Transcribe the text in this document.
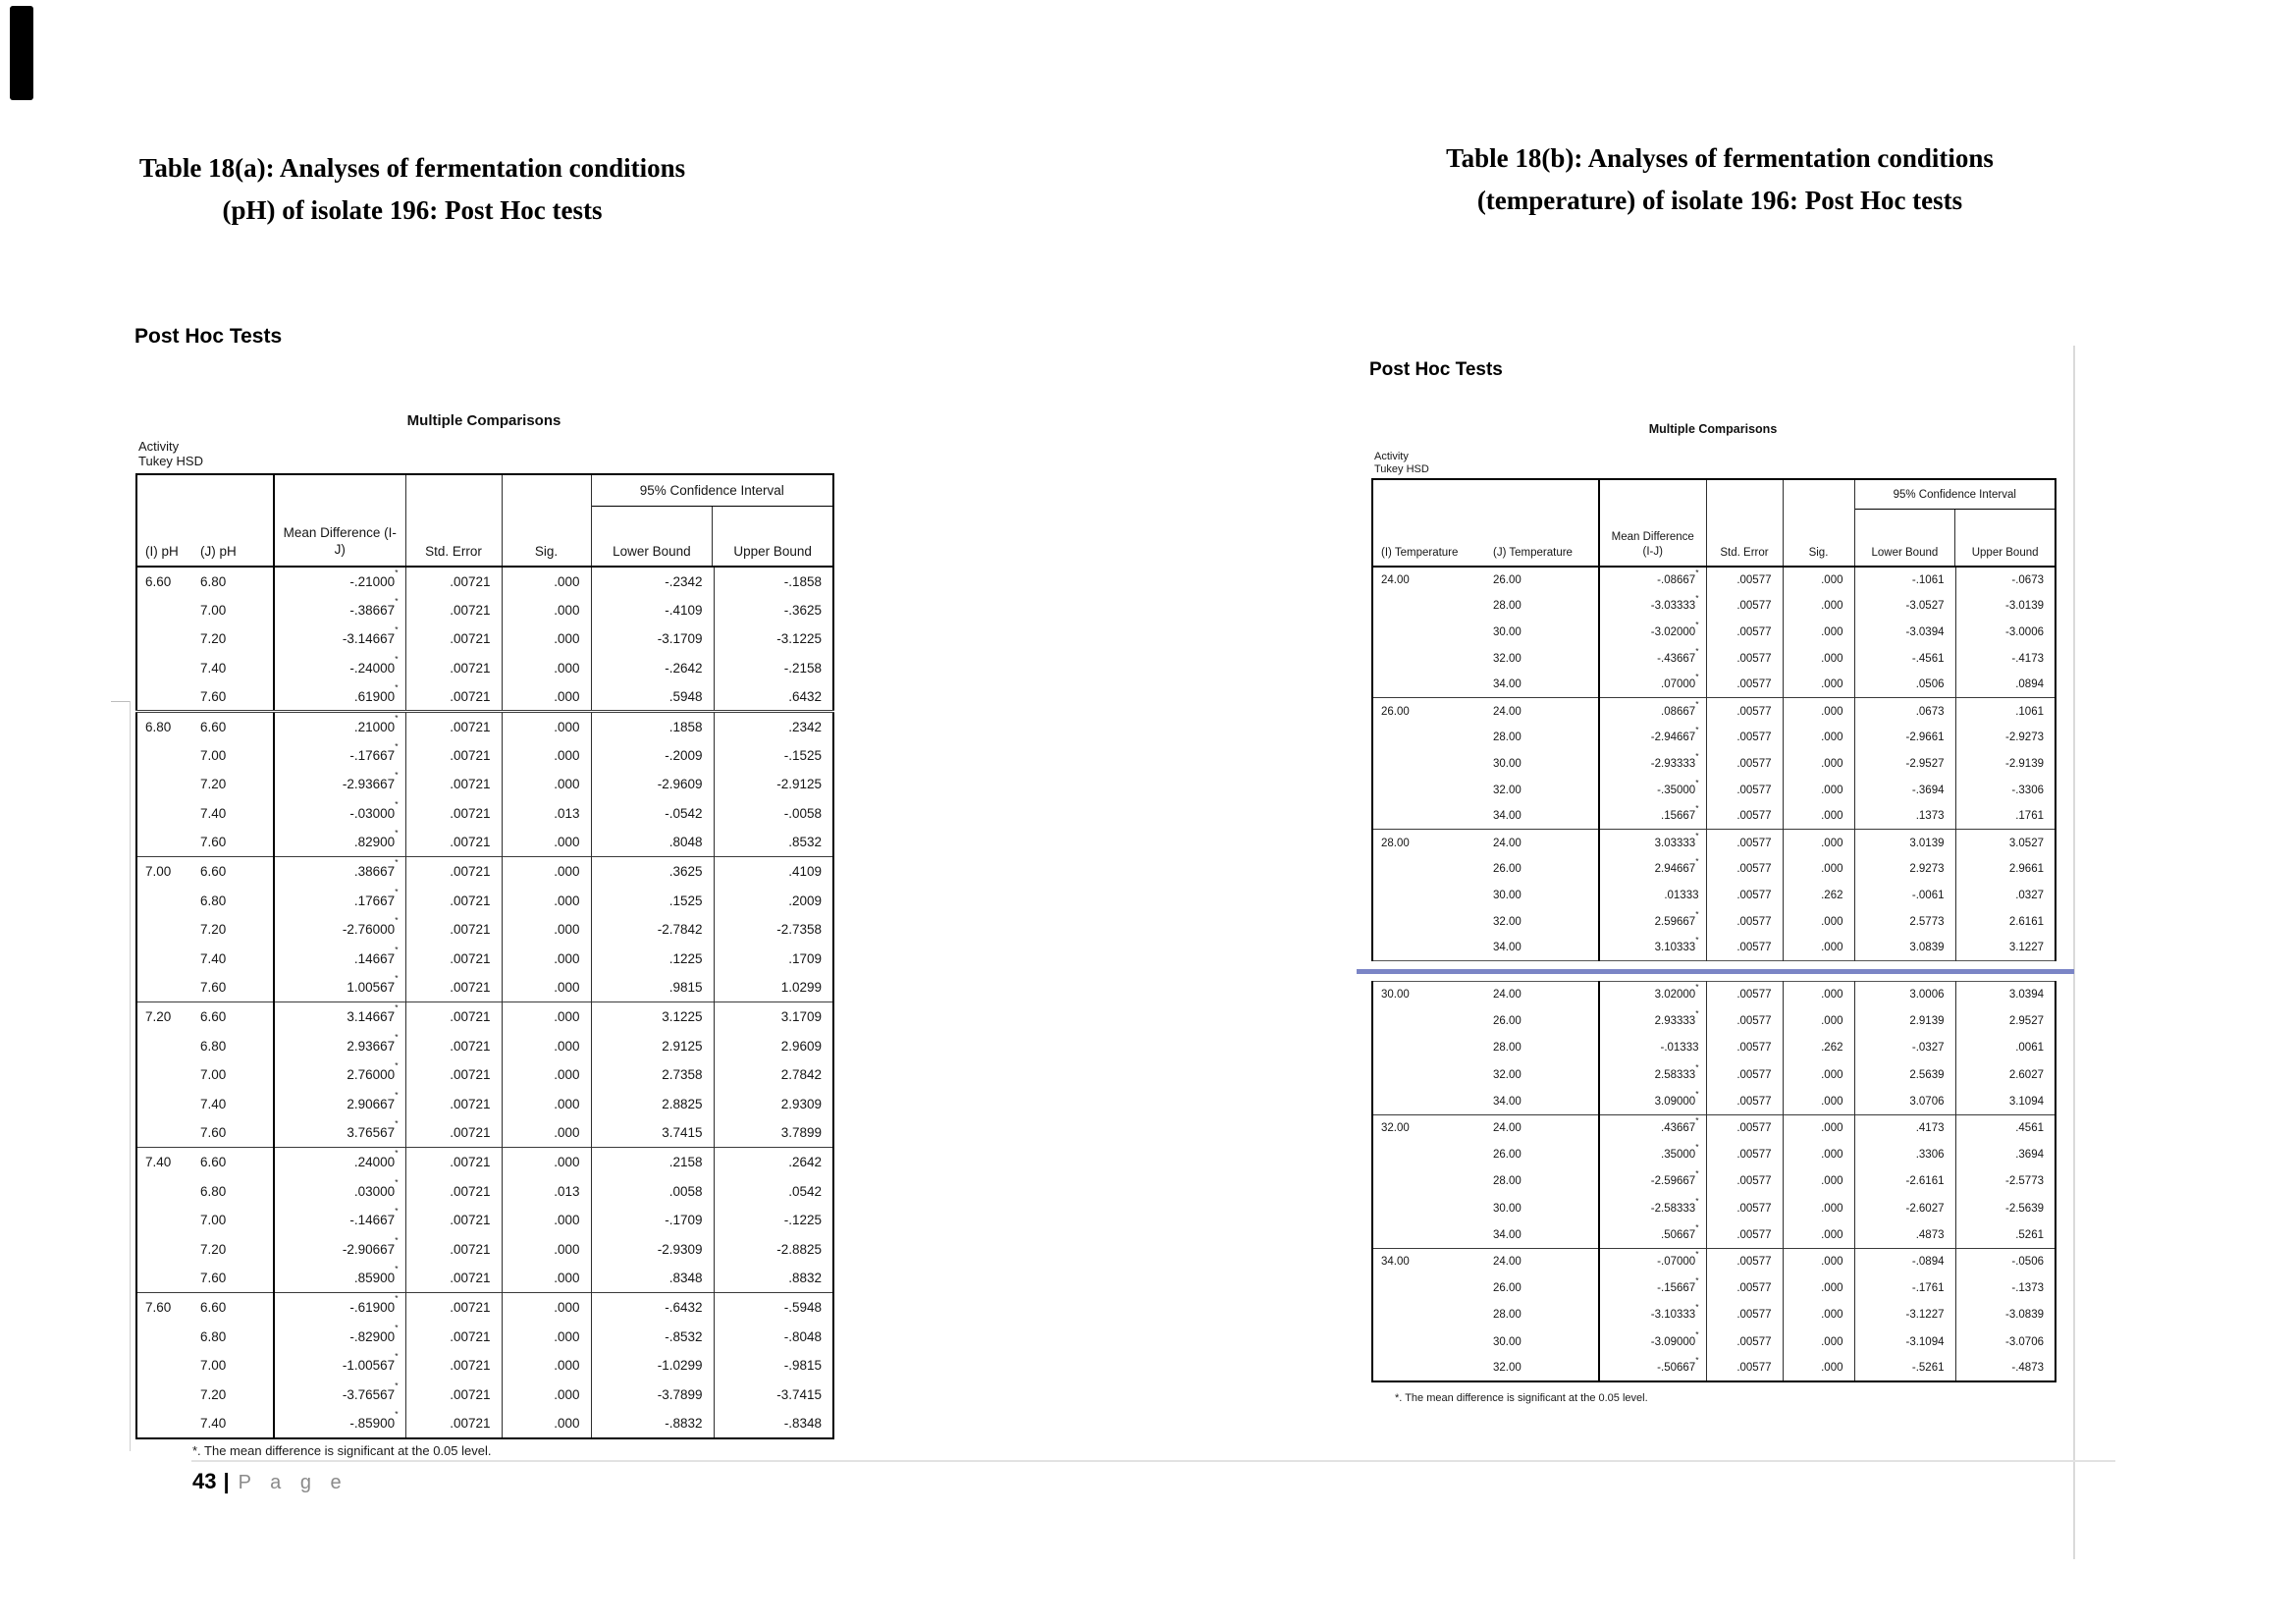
Table 18(a): Analyses of fermentation conditions
(pH) of isolate 196: Post Hoc tests
Table 18(b): Analyses of fermentation conditions
(temperature) of isolate 196: Post Hoc tests
Post Hoc Tests
Post Hoc Tests
Multiple Comparisons
Activity
Tukey HSD
Multiple Comparisons
Activity
Tukey HSD
(I) pH	(J) pH	Mean Difference (I-J)	Std. Error	Sig.	95% Confidence Interval
Lower Bound Upper Bound	

6.60	6.80	-.21000*	.00721	.000	-.2342	-.1858
	7.00	-.38667*	.00721	.000	-.4109	-.3625
	7.20	-3.14667*	.00721	.000	-3.1709	-3.1225
	7.40	-.24000*	.00721	.000	-.2642	-.2158
	7.60	.61900*	.00721	.000	.5948	.6432
6.80	6.60	.21000*	.00721	.000	.1858	.2342
	7.00	-.17667*	.00721	.000	-.2009	-.1525
	7.20	-2.93667*	.00721	.000	-2.9609	-2.9125
	7.40	-.03000*	.00721	.013	-.0542	-.0058
	7.60	.82900*	.00721	.000	.8048	.8532
7.00	6.60	.38667*	.00721	.000	.3625	.4109
	6.80	.17667*	.00721	.000	.1525	.2009
	7.20	-2.76000*	.00721	.000	-2.7842	-2.7358
	7.40	.14667*	.00721	.000	.1225	.1709
	7.60	1.00567*	.00721	.000	.9815	1.0299
7.20	6.60	3.14667*	.00721	.000	3.1225	3.1709
	6.80	2.93667*	.00721	.000	2.9125	2.9609
	7.00	2.76000*	.00721	.000	2.7358	2.7842
	7.40	2.90667*	.00721	.000	2.8825	2.9309
	7.60	3.76567*	.00721	.000	3.7415	3.7899
7.40	6.60	.24000*	.00721	.000	.2158	.2642
	6.80	.03000*	.00721	.013	.0058	.0542
	7.00	-.14667*	.00721	.000	-.1709	-.1225
	7.20	-2.90667*	.00721	.000	-2.9309	-2.8825
	7.60	.85900*	.00721	.000	.8348	.8832
7.60	6.60	-.61900*	.00721	.000	-.6432	-.5948
	6.80	-.82900*	.00721	.000	-.8532	-.8048
	7.00	-1.00567*	.00721	.000	-1.0299	-.9815
	7.20	-3.76567*	.00721	.000	-3.7899	-3.7415
	7.40	-.85900*	.00721	.000	-.8832	-.8348
*. The mean difference is significant at the 0.05 level.
(I) Temperature	(J) Temperature	Mean Difference (I-J)	Std. Error	Sig.	95% Confidence Interval
Lower Bound Upper Bound	

24.00	26.00	-.08667*	.00577	.000	-.1061	-.0673
	28.00	-3.03333*	.00577	.000	-3.0527	-3.0139
	30.00	-3.02000*	.00577	.000	-3.0394	-3.0006
	32.00	-.43667*	.00577	.000	-.4561	-.4173
	34.00	.07000*	.00577	.000	.0506	.0894
26.00	24.00	.08667*	.00577	.000	.0673	.1061
	28.00	-2.94667*	.00577	.000	-2.9661	-2.9273
	30.00	-2.93333*	.00577	.000	-2.9527	-2.9139
	32.00	-.35000*	.00577	.000	-.3694	-.3306
	34.00	.15667*	.00577	.000	.1373	.1761
28.00	24.00	3.03333*	.00577	.000	3.0139	3.0527
	26.00	2.94667*	.00577	.000	2.9273	2.9661
	30.00	.01333	.00577	.262	-.0061	.0327
	32.00	2.59667*	.00577	.000	2.5773	2.6161
	34.00	3.10333*	.00577	.000	3.0839	3.1227
30.00	24.00	3.02000*	.00577	.000	3.0006	3.0394
	26.00	2.93333*	.00577	.000	2.9139	2.9527
	28.00	-.01333	.00577	.262	-.0327	.0061
	32.00	2.58333*	.00577	.000	2.5639	2.6027
	34.00	3.09000*	.00577	.000	3.0706	3.1094
32.00	24.00	.43667*	.00577	.000	.4173	.4561
	26.00	.35000*	.00577	.000	.3306	.3694
	28.00	-2.59667*	.00577	.000	-2.6161	-2.5773
	30.00	-2.58333*	.00577	.000	-2.6027	-2.5639
	34.00	.50667*	.00577	.000	.4873	.5261
34.00	24.00	-.07000*	.00577	.000	-.0894	-.0506
	26.00	-.15667*	.00577	.000	-.1761	-.1373
	28.00	-3.10333*	.00577	.000	-3.1227	-3.0839
	30.00	-3.09000*	.00577	.000	-3.1094	-3.0706
	32.00	-.50667*	.00577	.000	-.5261	-.4873
*. The mean difference is significant at the 0.05 level.
43 | P a g e
